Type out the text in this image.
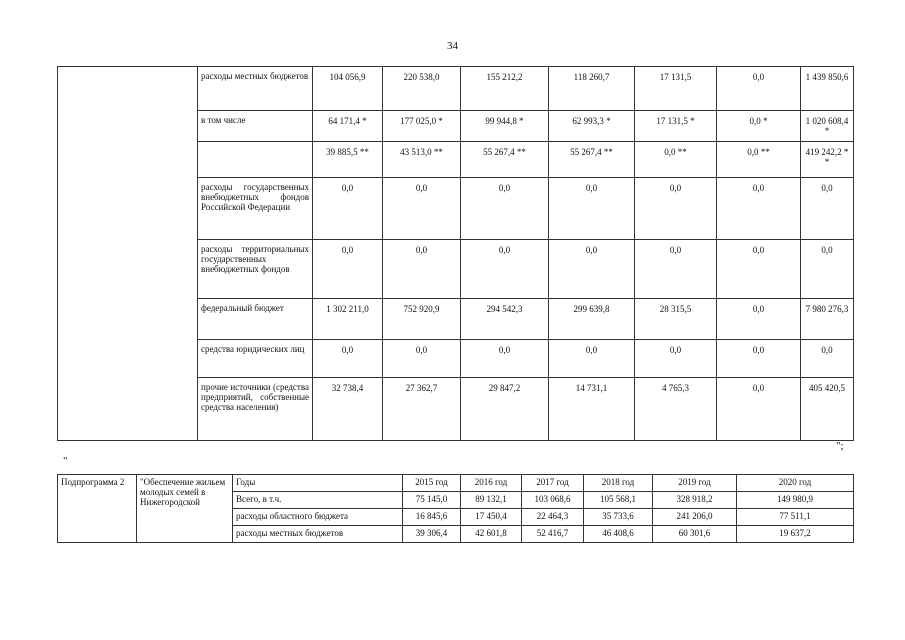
34
	расходы местных бюджетов	104 056,9	220 538,0	155 212,2	118 260,7	17 131,5	0,0	1 439 850,6
	в том числе	64 171,4 *	177 025,0 *	99 944,8 *	62 993,3 *	17 131,5 *	0,0 *	1 020 608,4 *
		39 885,5 **	43 513,0 **	55 267,4 **	55 267,4 **	0,0 **	0,0 **	419 242,2 **
	расходы государственных внебюджетных фондов Российской Федерации	0,0	0,0	0,0	0,0	0,0	0,0	0,0
	расходы территориальных государственных внебюджетных фондов	0,0	0,0	0,0	0,0	0,0	0,0	0,0
	федеральный бюджет	1 302 211,0	752 920,9	294 542,3	299 639,8	28 315,5	0,0	7 980 276,3
	средства юридических лиц	0,0	0,0	0,0	0,0	0,0	0,0	0,0
	прочие источники (средства предприятий, собственные средства населения)	32 738,4	27 362,7	29 847,2	14 731,1	4 765,3	0,0	405 420,5
";
"
Подпрограмма 2	"Обеспечение жильем молодых семей в Нижегородской	Годы	2015 год	2016 год	2017 год	2018 год	2019 год	2020 год
		Всего, в т.ч.	75 145,0	89 132,1	103 068,6	105 568,1	328 918,2	149 980,9
		расходы областного бюджета	16 845,6	17 450,4	22 464,3	35 733,6	241 206,0	77 511,1
		расходы местных бюджетов	39 306,4	42 601,8	52 416,7	46 408,6	60 301,6	19 637,2
